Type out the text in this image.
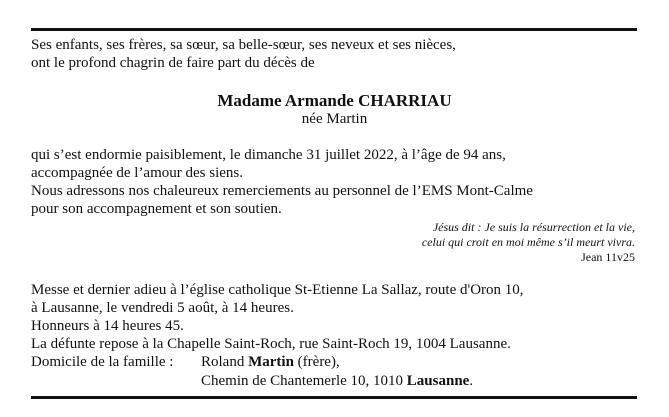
Ses enfants, ses frères, sa sœur, sa belle-sœur, ses neveux et ses nièces,
ont le profond chagrin de faire part du décès de
Madame Armande CHARRIAU
née Martin
qui s’est endormie paisiblement, le dimanche 31 juillet 2022, à l’âge de 94 ans,
accompagnée de l’amour des siens.
Nous adressons nos chaleureux remerciements au personnel de l’EMS Mont-Calme
pour son accompagnement et son soutien.
Jésus dit : Je suis la résurrection et la vie,
celui qui croit en moi même s’il meurt vivra.
Jean 11v25
Messe et dernier adieu à l’église catholique St-Etienne La Sallaz, route d'Oron 10,
à Lausanne, le vendredi 5 août, à 14 heures.
Honneurs à 14 heures 45.
La défunte repose à la Chapelle Saint-Roch, rue Saint-Roch 19, 1004 Lausanne.
Domicile de la famille : Roland Martin (frère),
Chemin de Chantemerle 10, 1010 Lausanne.
